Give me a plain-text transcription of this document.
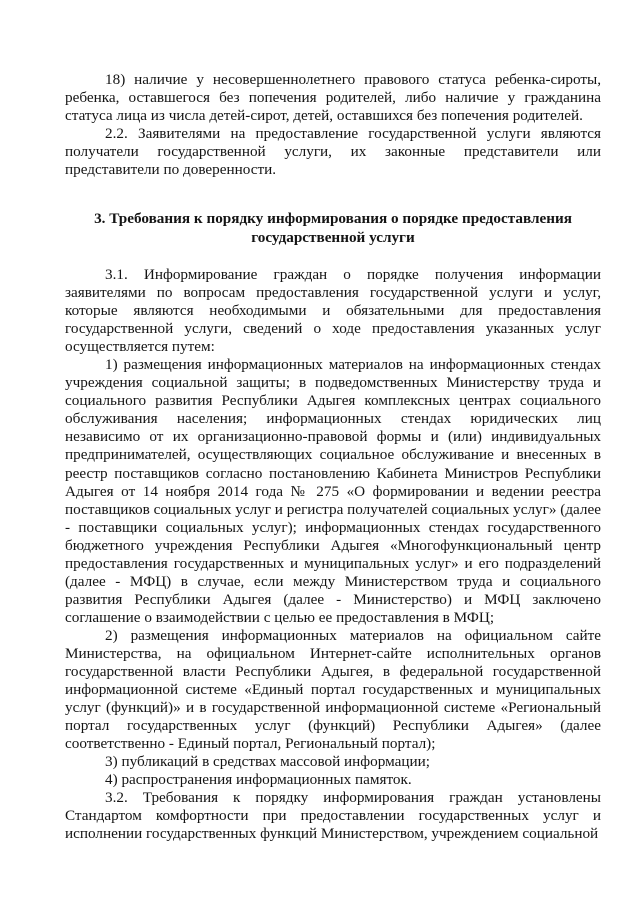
18) наличие у несовершеннолетнего правового статуса ребенка-сироты, ребенка, оставшегося без попечения родителей, либо наличие у гражданина статуса лица из числа детей-сирот, детей, оставшихся без попечения родителей.

2.2. Заявителями на предоставление государственной услуги являются получатели государственной услуги, их законные представители или представители по доверенности.

3. Требования к порядку информирования о порядке предоставления
государственной услуги

3.1. Информирование граждан о порядке получения информации заявителями по вопросам предоставления государственной услуги и услуг, которые являются необходимыми и обязательными для предоставления государственной услуги, сведений о ходе предоставления указанных услуг осуществляется путем:

1) размещения информационных материалов на информационных стендах учреждения социальной защиты; в подведомственных Министерству труда и социального развития Республики Адыгея комплексных центрах социального обслуживания населения; информационных стендах юридических лиц независимо от их организационно-правовой формы и (или) индивидуальных предпринимателей, осуществляющих социальное обслуживание и внесенных в реестр поставщиков согласно постановлению Кабинета Министров Республики Адыгея от 14 ноября 2014 года № 275 «О формировании и ведении реестра поставщиков социальных услуг и регистра получателей социальных услуг» (далее - поставщики социальных услуг); информационных стендах государственного бюджетного учреждения Республики Адыгея «Многофункциональный центр предоставления государственных и муниципальных услуг» и его подразделений (далее - МФЦ) в случае, если между Министерством труда и социального развития Республики Адыгея (далее - Министерство) и МФЦ заключено соглашение о взаимодействии с целью ее предоставления в МФЦ;

2) размещения информационных материалов на официальном сайте Министерства, на официальном Интернет-сайте исполнительных органов государственной власти Республики Адыгея, в федеральной государственной информационной системе «Единый портал государственных и муниципальных услуг (функций)» и в государственной информационной системе «Региональный портал государственных услуг (функций) Республики Адыгея» (далее соответственно - Единый портал, Региональный портал);

3) публикаций в средствах массовой информации;

4) распространения информационных памяток.

3.2. Требования к порядку информирования граждан установлены Стандартом комфортности при предоставлении государственных услуг и исполнении государственных функций Министерством, учреждением социальной
